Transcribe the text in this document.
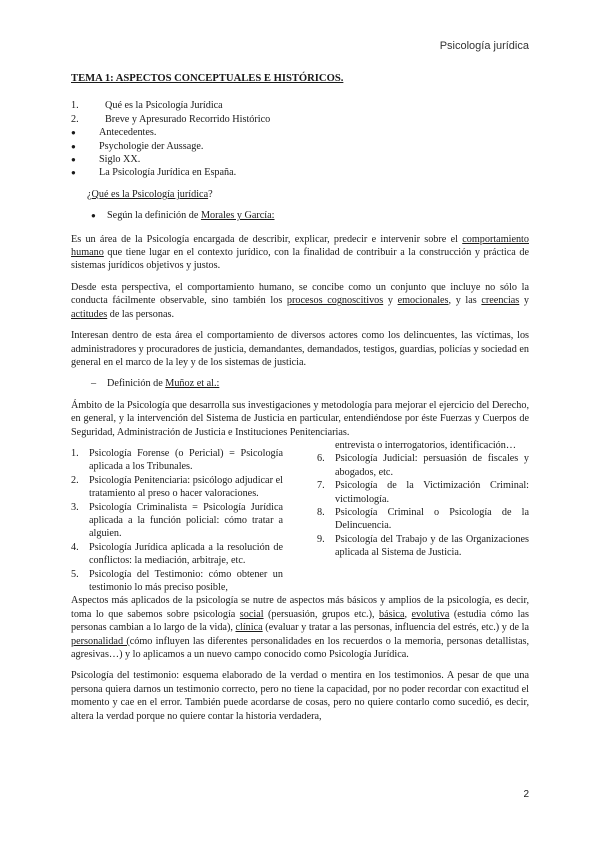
Psicología jurídica
TEMA 1: ASPECTOS CONCEPTUALES E HISTÓRICOS.
1.	Qué es la Psicología Jurídica
2.	Breve y Apresurado Recorrido Histórico
● Antecedentes.
● Psychologie der Aussage.
● Siglo XX.
● La Psicología Jurídica en España.
¿Qué es la Psicología jurídica?
● Según la definición de Morales y García:

Es un área de la Psicología encargada de describir, explicar, predecir e intervenir sobre el comportamiento humano que tiene lugar en el contexto jurídico, con la finalidad de contribuir a la construcción y práctica de sistemas jurídicos objetivos y justos.

Desde esta perspectiva, el comportamiento humano, se concibe como un conjunto que incluye no sólo la conducta fácilmente observable, sino también los procesos cognoscitivos y emocionales, y las creencias y actitudes de las personas.

Interesan dentro de esta área el comportamiento de diversos actores como los delincuentes, las víctimas, los administradores y procuradores de justicia, demandantes, demandados, testigos, guardias, policías y sociedad en general en el marco de la ley y de los sistemas de justicia.

– Definición de Muñoz et al.:

Ámbito de la Psicología que desarrolla sus investigaciones y metodología para mejorar el ejercicio del Derecho, en general, y la intervención del Sistema de Justicia en particular, entendiéndose por éste Fuerzas y Cuerpos de Seguridad, Administración de Justicia e Instituciones Penitenciarias.

1. Psicología Forense (o Pericial) = Psicología aplicada a los Tribunales.
2. Psicología Penitenciaria: psicólogo adjudicar el tratamiento al preso o hacer valoraciones.
3. Psicología Criminalista = Psicología Jurídica aplicada a la función policial: cómo tratar a alguien.
4. Psicología Jurídica aplicada a la resolución de conflictos: la mediación, arbitraje, etc.
5. Psicología del Testimonio: cómo obtener un testimonio lo más preciso posible,
entrevista o interrogatorios, identificación…
6. Psicología Judicial: persuasión de fiscales y abogados, etc.
7. Psicología de la Victimización Criminal: victimología.
8. Psicología Criminal o Psicología de la Delincuencia.
9. Psicología del Trabajo y de las Organizaciones aplicada al Sistema de Justicia.

Aspectos más aplicados de la psicología se nutre de aspectos más básicos y amplios de la psicología, es decir, toma lo que sabemos sobre psicología social (persuasión, grupos etc.), básica, evolutiva (estudia cómo las personas cambian a lo largo de la vida), clínica (evaluar y tratar a las personas, influencia del estrés, etc.) y de la personalidad (cómo influyen las diferentes personalidades en los recuerdos o la memoria, personas detallistas, agresivas…) y lo aplicamos a un nuevo campo conocido como Psicología Jurídica.

Psicología del testimonio: esquema elaborado de la verdad o mentira en los testimonios. A pesar de que una persona quiera darnos un testimonio correcto, pero no tiene la capacidad, por no poder recordar con exactitud el momento y cae en el error. También puede acordarse de cosas, pero no quiere contarlo como sucedió, es decir, altera la verdad porque no quiere contar la historia verdadera,

2
